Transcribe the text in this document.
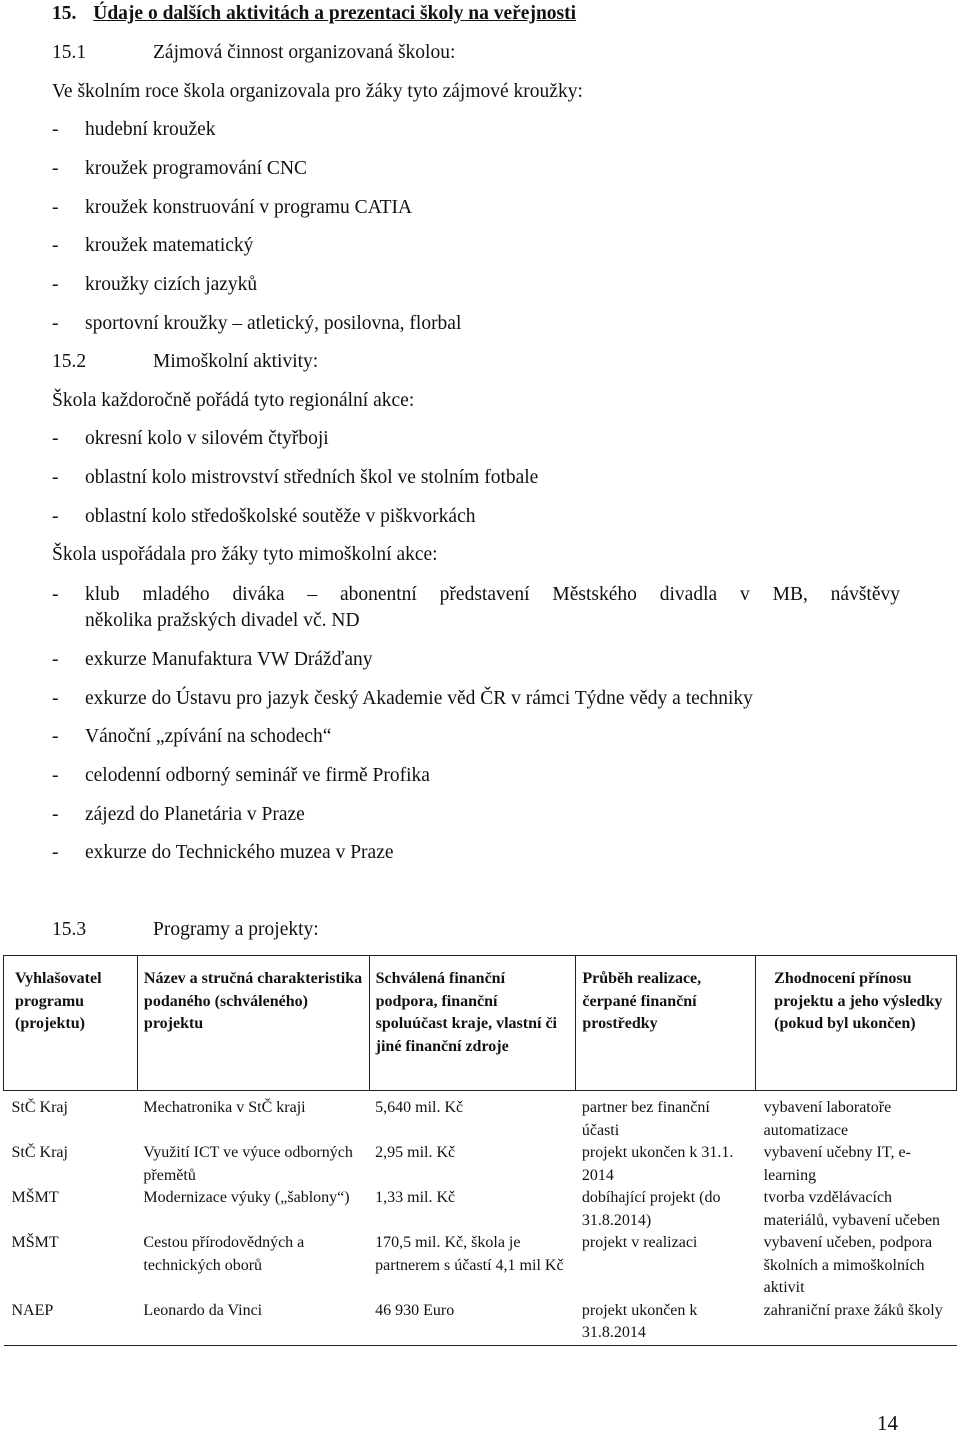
15. Údaje o dalších aktivitách a prezentaci školy na veřejnosti
15.1	Zájmová činnost organizovaná školou:
Ve školním roce škola organizovala pro žáky tyto zájmové kroužky:
- hudební kroužek
- kroužek programování CNC
- kroužek konstruování v programu CATIA
- kroužek matematický
- kroužky cizích jazyků
- sportovní kroužky – atletický, posilovna, florbal
15.2	Mimoškolní aktivity:
Škola každoročně pořádá tyto regionální akce:
- okresní kolo v silovém čtyřboji
- oblastní kolo mistrovství středních škol ve stolním fotbale
- oblastní kolo středoškolské soutěže v piškvorkách
Škola uspořádala pro žáky tyto mimoškolní akce:
- klub mladého diváka – abonentní představení Městského divadla v MB, návštěvy
několika pražských divadel vč. ND
- exkurze Manufaktura VW Drážďany
- exkurze do Ústavu pro jazyk český Akademie věd ČR v rámci Týdne vědy a techniky
- Vánoční „zpívání na schodech“
- celodenní odborný seminář ve firmě Profika
- zájezd do Planetária v Praze
- exkurze do Technického muzea v Praze
15.3	Programy a projekty:
Vyhlašovatel programu (projektu)	Název a stručná charakteristika podaného (schváleného) projektu	Schválená finanční podpora, finanční spoluúčast kraje, vlastní či jiné finanční zdroje	Průběh realizace, čerpané finanční prostředky	Zhodnocení přínosu projektu a jeho výsledky (pokud byl ukončen)
StČ Kraj	Mechatronika v StČ kraji	5,640 mil. Kč	partner bez finanční účasti	vybavení laboratoře automatizace
StČ Kraj	Využití ICT ve výuce odborných přemětů	2,95 mil. Kč	projekt ukončen k 31.1. 2014	vybavení učebny IT, e-learning
MŠMT	Modernizace výuky („šablony“)	1,33 mil. Kč	dobíhající projekt (do 31.8.2014)	tvorba vzdělávacích materiálů, vybavení učeben
MŠMT	Cestou přírodovědných a technických oborů	170,5 mil. Kč, škola je partnerem s účastí 4,1 mil Kč	projekt v realizaci	vybavení učeben, podpora školních a mimoškolních aktivit
NAEP	Leonardo da Vinci	46 930 Euro	projekt ukončen k 31.8.2014	zahraniční praxe žáků školy
14
